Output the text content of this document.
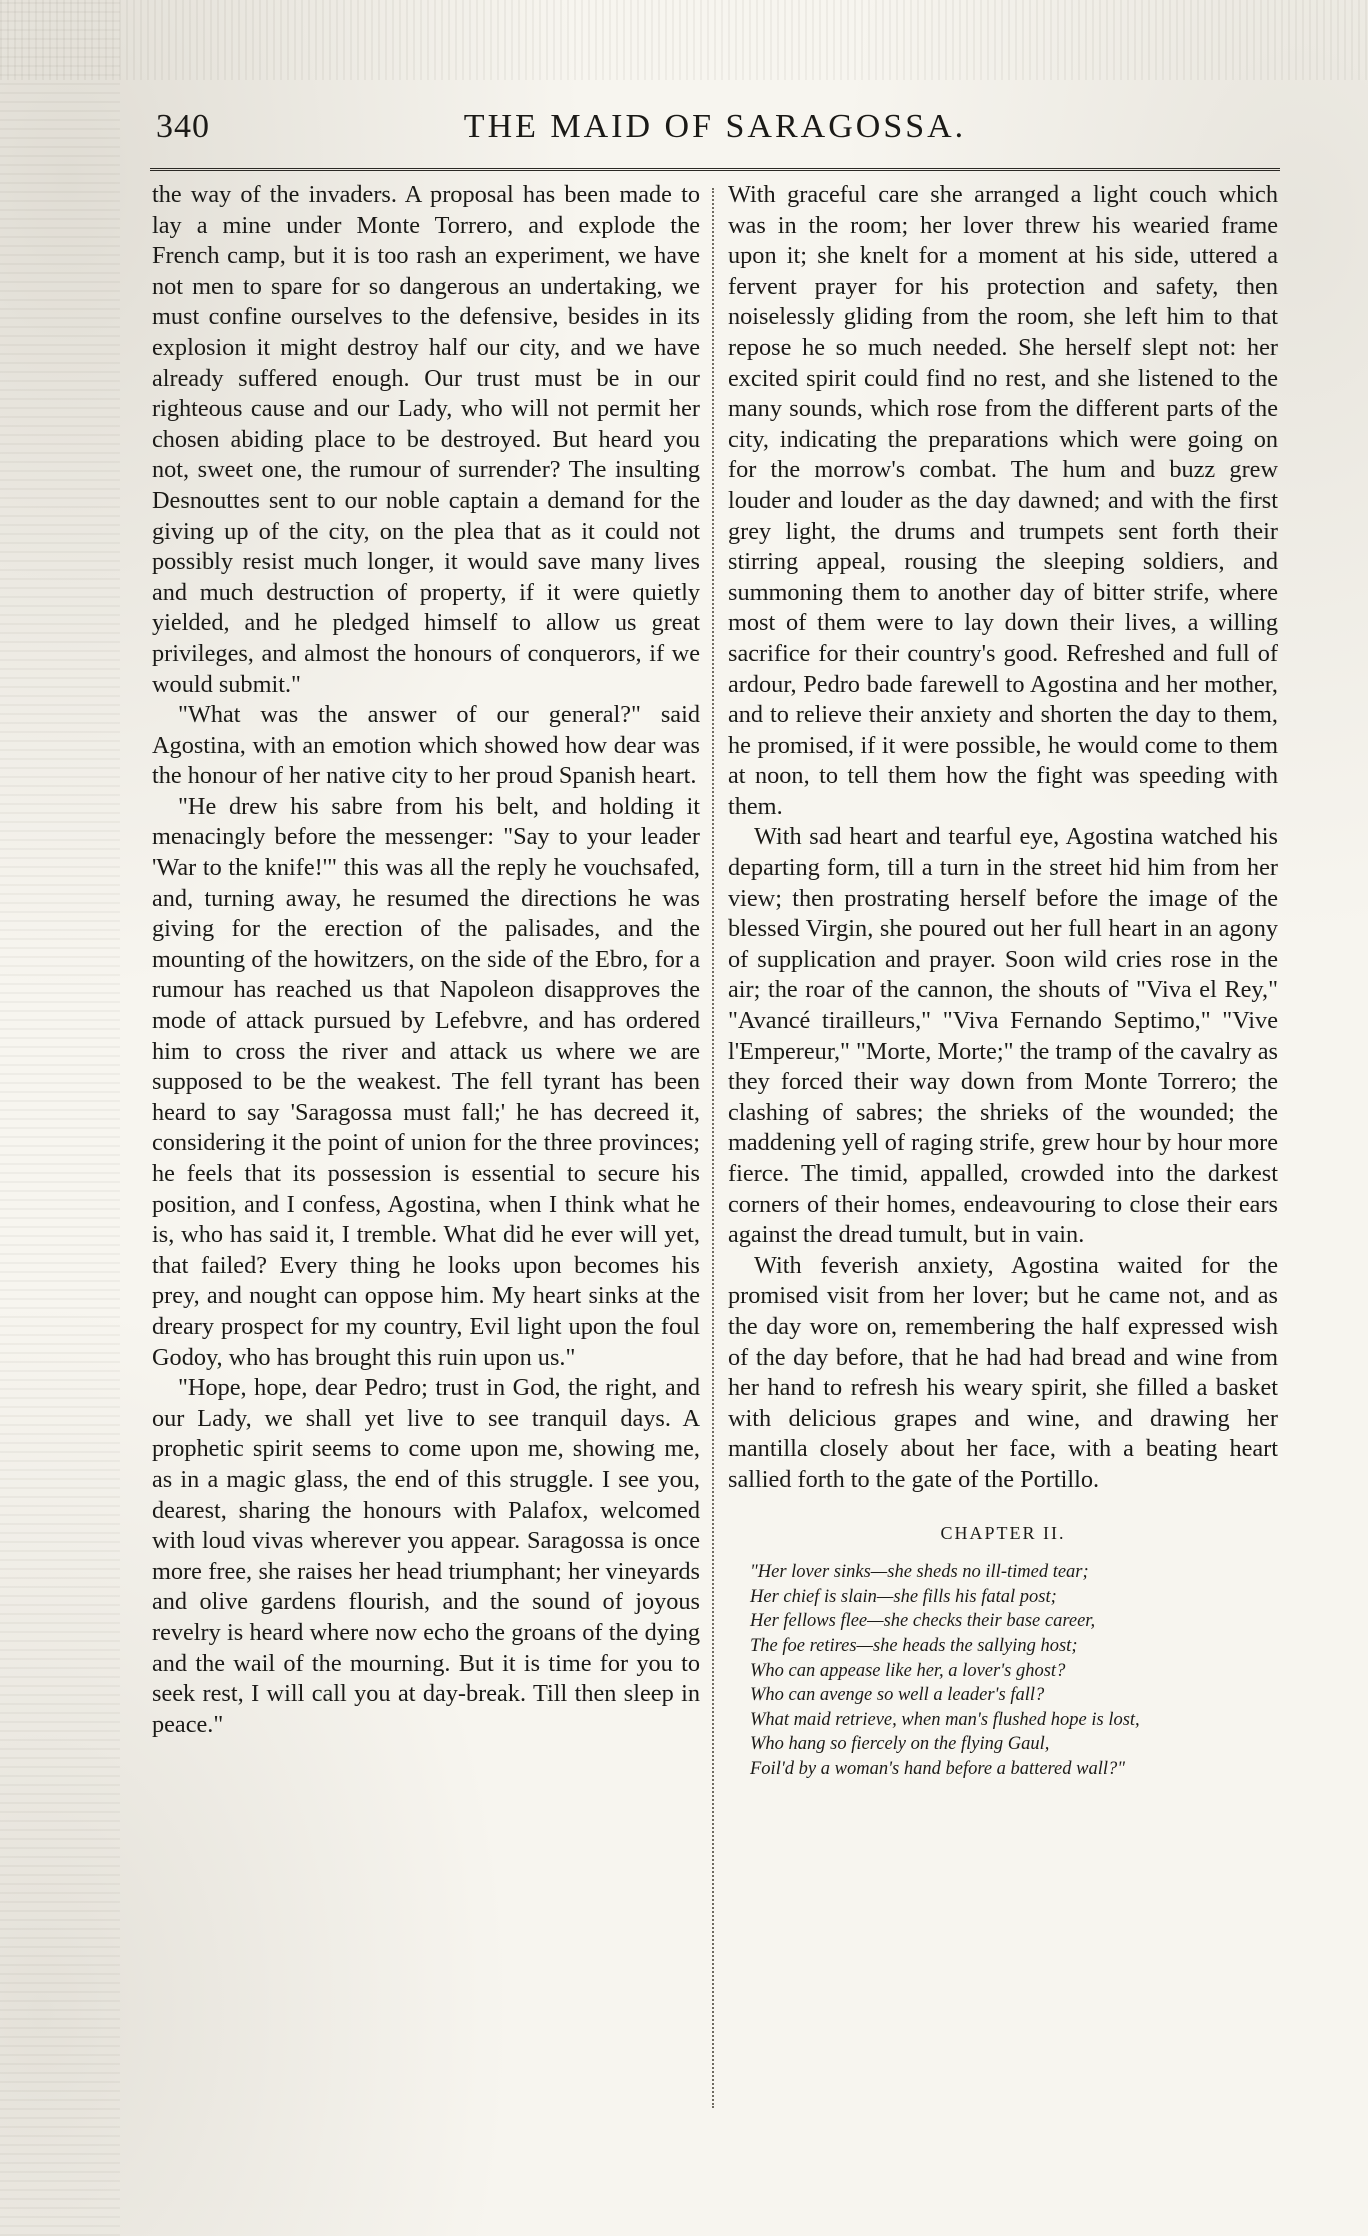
340	THE MAID OF SARAGOSSA.

the way of the invaders. A proposal has been made to lay a mine under Monte Torrero, and explode the French camp, but it is too rash an experiment, we have not men to spare for so dangerous an undertaking, we must confine ourselves to the defensive, besides in its explosion it might destroy half our city, and we have already suffered enough. Our trust must be in our righteous cause and our Lady, who will not permit her chosen abiding place to be destroyed. But heard you not, sweet one, the rumour of surrender? The insulting Desnouttes sent to our noble captain a demand for the giving up of the city, on the plea that as it could not possibly resist much longer, it would save many lives and much destruction of property, if it were quietly yielded, and he pledged himself to allow us great privileges, and almost the honours of conquerors, if we would submit."

"What was the answer of our general?" said Agostina, with an emotion which showed how dear was the honour of her native city to her proud Spanish heart.

"He drew his sabre from his belt, and holding it menacingly before the messenger: "Say to your leader 'War to the knife!'" this was all the reply he vouchsafed, and, turning away, he resumed the directions he was giving for the erection of the palisades, and the mounting of the howitzers, on the side of the Ebro, for a rumour has reached us that Napoleon disapproves the mode of attack pursued by Lefebvre, and has ordered him to cross the river and attack us where we are supposed to be the weakest. The fell tyrant has been heard to say 'Saragossa must fall;' he has decreed it, considering it the point of union for the three provinces; he feels that its possession is essential to secure his position, and I confess, Agostina, when I think what he is, who has said it, I tremble. What did he ever will yet, that failed? Every thing he looks upon becomes his prey, and nought can oppose him. My heart sinks at the dreary prospect for my country, Evil light upon the foul Godoy, who has brought this ruin upon us."

"Hope, hope, dear Pedro; trust in God, the right, and our Lady, we shall yet live to see tranquil days. A prophetic spirit seems to come upon me, showing me, as in a magic glass, the end of this struggle. I see you, dearest, sharing the honours with Palafox, welcomed with loud vivas wherever you appear. Saragossa is once more free, she raises her head triumphant; her vineyards and olive gardens flourish, and the sound of joyous revelry is heard where now echo the groans of the dying and the wail of the mourning. But it is time for you to seek rest, I will call you at day-break. Till then sleep in peace."

With graceful care she arranged a light couch which was in the room; her lover threw his wearied frame upon it; she knelt for a moment at his side, uttered a fervent prayer for his protection and safety, then noiselessly gliding from the room, she left him to that repose he so much needed. She herself slept not: her excited spirit could find no rest, and she listened to the many sounds, which rose from the different parts of the city, indicating the preparations which were going on for the morrow's combat. The hum and buzz grew louder and louder as the day dawned; and with the first grey light, the drums and trumpets sent forth their stirring appeal, rousing the sleeping soldiers, and summoning them to another day of bitter strife, where most of them were to lay down their lives, a willing sacrifice for their country's good. Refreshed and full of ardour, Pedro bade farewell to Agostina and her mother, and to relieve their anxiety and shorten the day to them, he promised, if it were possible, he would come to them at noon, to tell them how the fight was speeding with them.

With sad heart and tearful eye, Agostina watched his departing form, till a turn in the street hid him from her view; then prostrating herself before the image of the blessed Virgin, she poured out her full heart in an agony of supplication and prayer. Soon wild cries rose in the air; the roar of the cannon, the shouts of "Viva el Rey," "Avancé tirailleurs," "Viva Fernando Septimo," "Vive l'Empereur," "Morte, Morte;" the tramp of the cavalry as they forced their way down from Monte Torrero; the clashing of sabres; the shrieks of the wounded; the maddening yell of raging strife, grew hour by hour more fierce. The timid, appalled, crowded into the darkest corners of their homes, endeavouring to close their ears against the dread tumult, but in vain.

With feverish anxiety, Agostina waited for the promised visit from her lover; but he came not, and as the day wore on, remembering the half expressed wish of the day before, that he had had bread and wine from her hand to refresh his weary spirit, she filled a basket with delicious grapes and wine, and drawing her mantilla closely about her face, with a beating heart sallied forth to the gate of the Portillo.

CHAPTER II.
"Her lover sinks—she sheds no ill-timed tear;
Her chief is slain—she fills his fatal post;
Her fellows flee—she checks their base career,
The foe retires—she heads the sallying host;
Who can appease like her, a lover's ghost?
Who can avenge so well a leader's fall?
What maid retrieve, when man's flushed hope is lost,
Who hang so fiercely on the flying Gaul,
Foil'd by a woman's hand before a battered wall?"
